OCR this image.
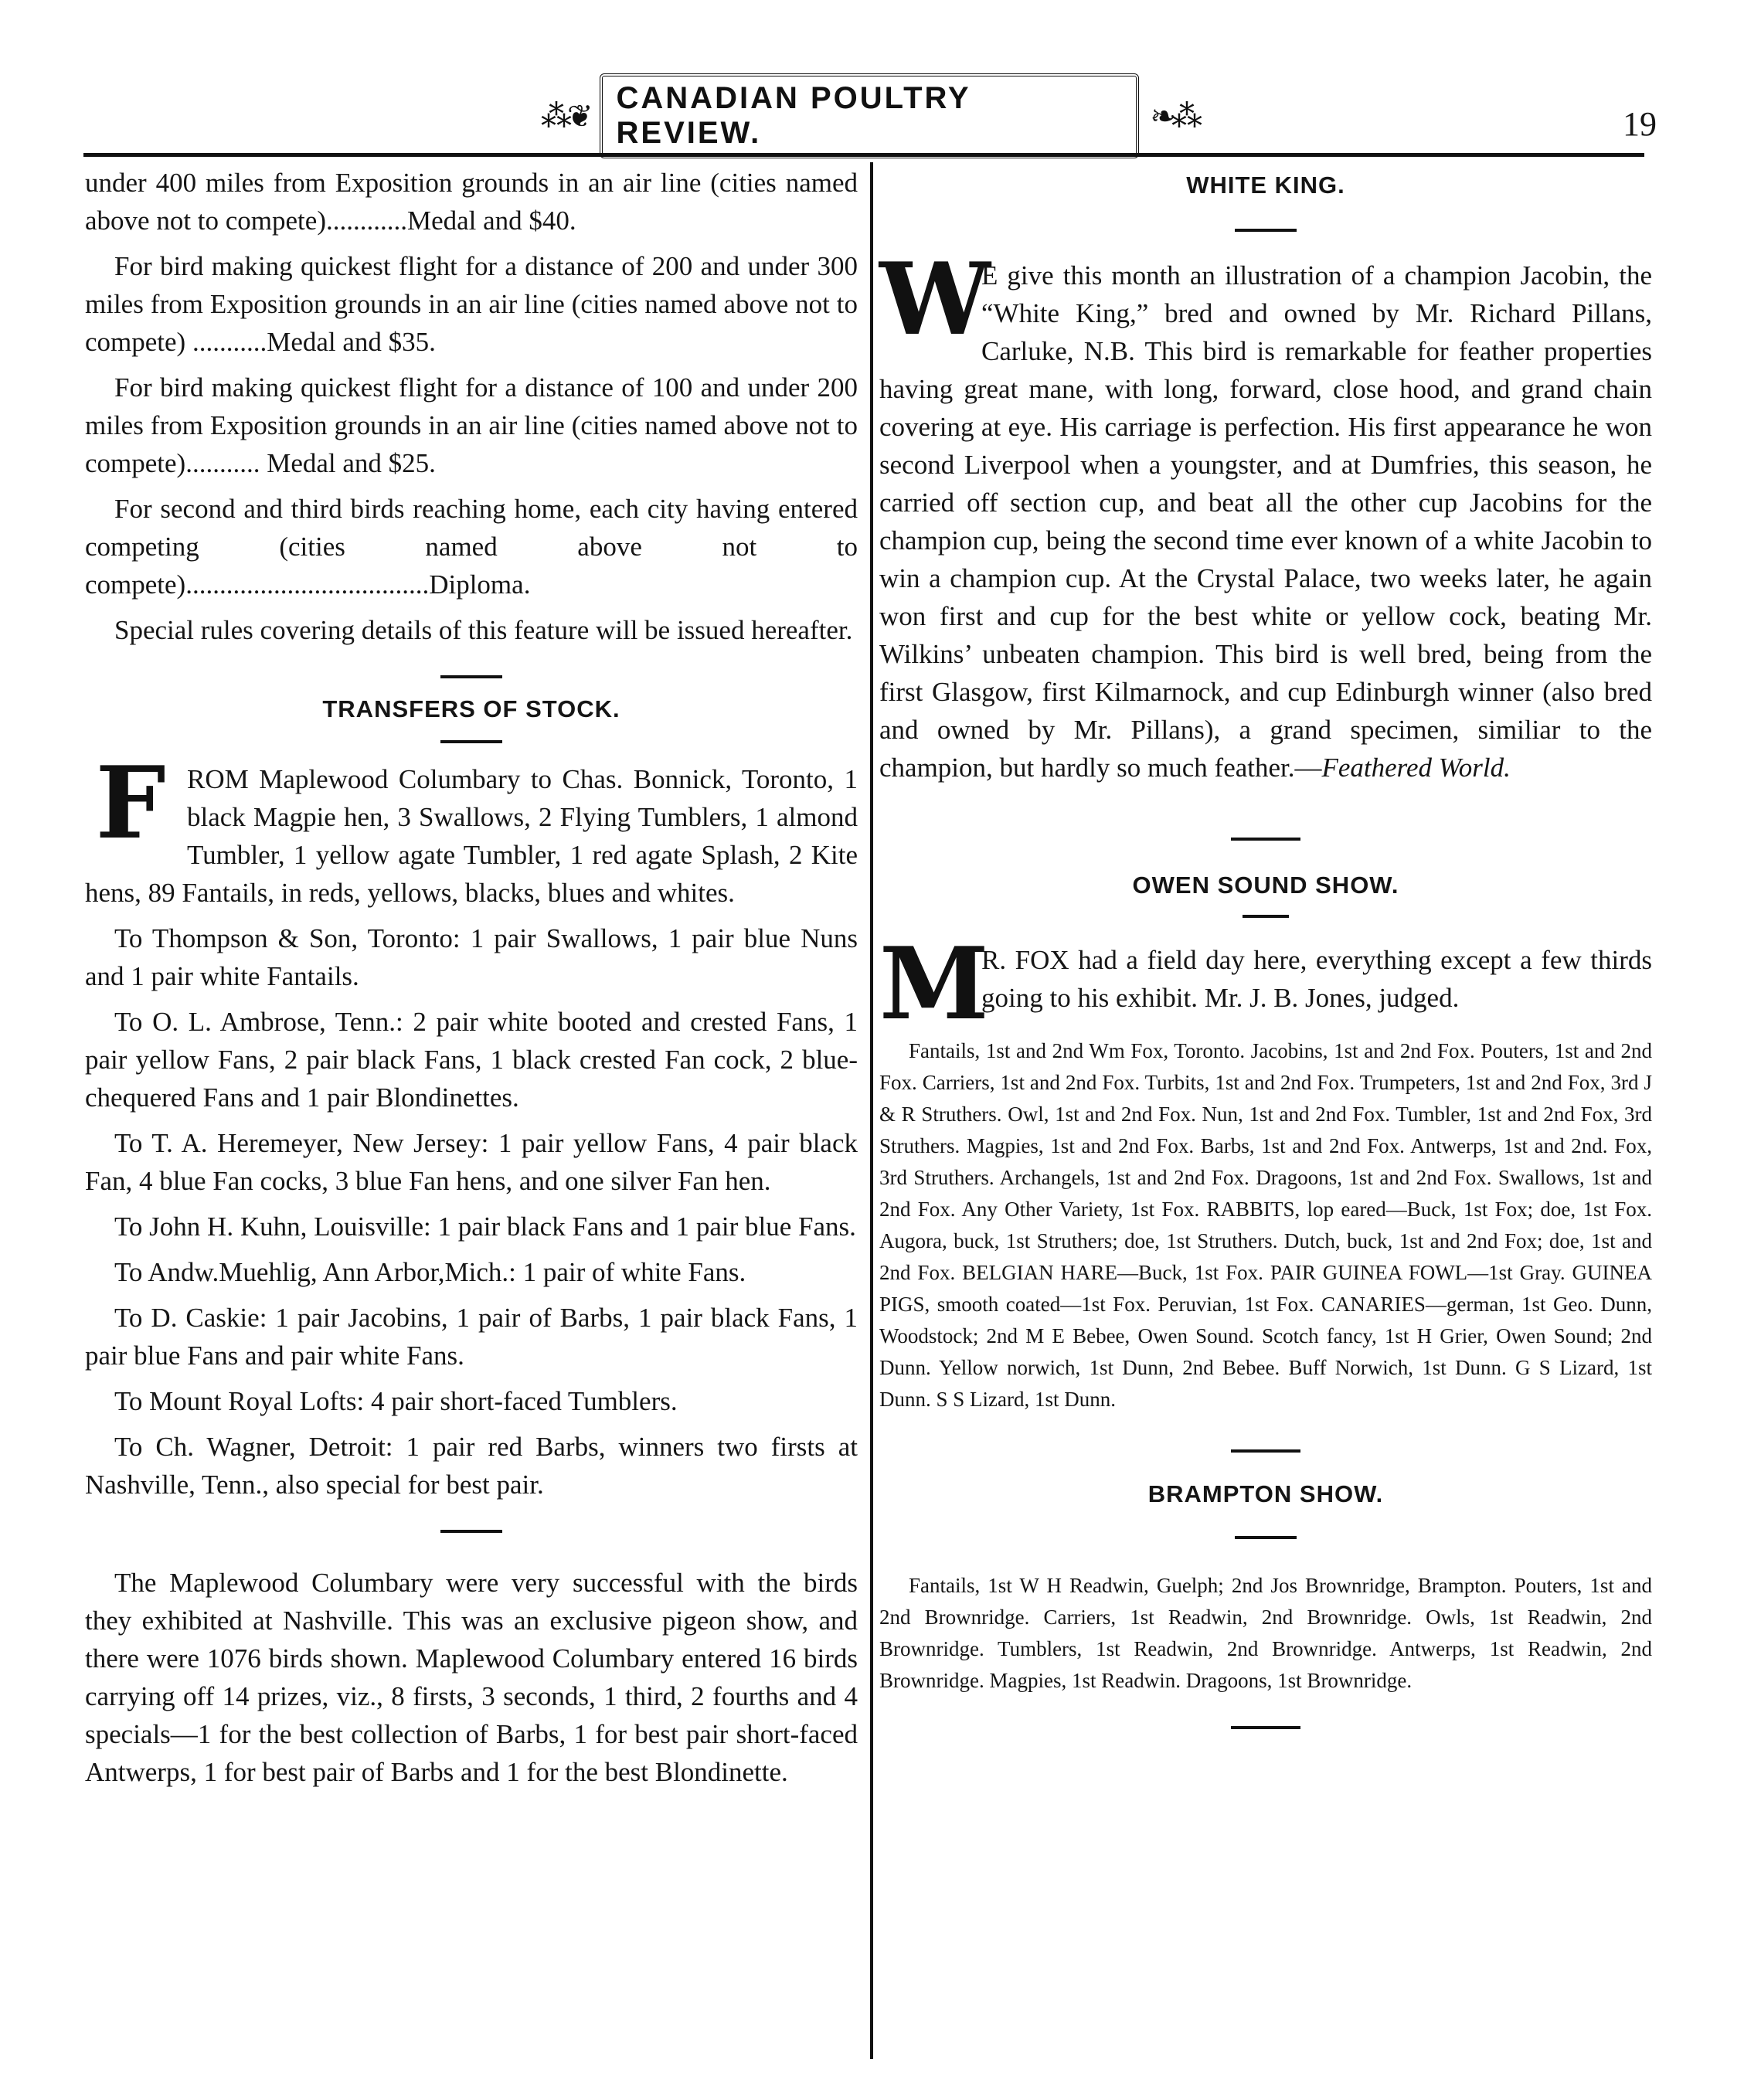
⁂❦
CANADIAN POULTRY REVIEW.	❧⁂	19

under 400 miles from Exposition grounds in an air line (cities named above not to compete)............Medal and $40.

For bird making quickest flight for a distance of 200 and under 300 miles from Exposition grounds in an air line (cities named above not to compete) ...........Medal and $35.

For bird making quickest flight for a distance of 100 and under 200 miles from Exposition grounds in an air line (cities named above not to compete)........... Medal and $25.

For second and third birds reaching home, each city having entered competing (cities named above not to compete)....................................Diploma.

Special rules covering details of this feature will be issued hereafter.

TRANSFERS OF STOCK.
F ROM Maplewood Columbary to Chas. Bonnick, Toronto, 1 black Magpie hen, 3 Swallows, 2 Flying Tumblers, 1 almond Tumbler, 1 yellow agate Tumbler, 1 red agate Splash, 2 Kite hens, 89 Fantails, in reds, yellows, blacks, blues and whites.

To Thompson & Son, Toronto: 1 pair Swallows, 1 pair blue Nuns and 1 pair white Fantails.

To O. L. Ambrose, Tenn.: 2 pair white booted and crested Fans, 1 pair yellow Fans, 2 pair black Fans, 1 black crested Fan cock, 2 blue-chequered Fans and 1 pair Blondinettes.

To T. A. Heremeyer, New Jersey: 1 pair yellow Fans, 4 pair black Fan, 4 blue Fan cocks, 3 blue Fan hens, and one silver Fan hen.

To John H. Kuhn, Louisville: 1 pair black Fans and 1 pair blue Fans.

To Andw.Muehlig, Ann Arbor,Mich.: 1 pair of white Fans.

To D. Caskie: 1 pair Jacobins, 1 pair of Barbs, 1 pair black Fans, 1 pair blue Fans and pair white Fans.

To Mount Royal Lofts: 4 pair short-faced Tumblers.

To Ch. Wagner, Detroit: 1 pair red Barbs, winners two firsts at Nashville, Tenn., also special for best pair.

The Maplewood Columbary were very successful with the birds they exhibited at Nashville. This was an exclusive pigeon show, and there were 1076 birds shown. Maplewood Columbary entered 16 birds carrying off 14 prizes, viz., 8 firsts, 3 seconds, 1 third, 2 fourths and 4 specials—1 for the best collection of Barbs, 1 for best pair short-faced Antwerps, 1 for best pair of Barbs and 1 for the best Blondinette.

WHITE KING.
W

E give this month an illustration of a champion Jacobin, the “White King,” bred and owned by Mr. Richard Pillans, Carluke, N.B. This bird is remarkable for feather properties having great mane, with long, forward, close hood, and grand chain covering at eye. His carriage is perfection. His first appearance he won second Liverpool when a youngster, and at Dumfries, this season, he carried off section cup, and beat all the other cup Jacobins for the champion cup, being the second time ever known of a white Jacobin to win a champion cup. At the Crystal Palace, two weeks later, he again won first and cup for the best white or yellow cock, beating Mr. Wilkins’ unbeaten champion. This bird is well bred, being from the first Glasgow, first Kilmarnock, and cup Edinburgh winner (also bred and owned by Mr. Pillans), a grand specimen, similiar to the champion, but hardly so much feather.—Feathered World.

OWEN SOUND SHOW.
M

R. FOX had a field day here, everything except a few thirds going to his exhibit. Mr. J. B. Jones, judged.

Fantails, 1st and 2nd Wm Fox, Toronto. Jacobins, 1st and 2nd Fox. Pouters, 1st and 2nd Fox. Carriers, 1st and 2nd Fox. Turbits, 1st and 2nd Fox. Trumpeters, 1st and 2nd Fox, 3rd J & R Struthers. Owl, 1st and 2nd Fox. Nun, 1st and 2nd Fox. Tumbler, 1st and 2nd Fox, 3rd Struthers. Magpies, 1st and 2nd Fox. Barbs, 1st and 2nd Fox. Antwerps, 1st and 2nd. Fox, 3rd Struthers. Archangels, 1st and 2nd Fox. Dragoons, 1st and 2nd Fox. Swallows, 1st and 2nd Fox. Any Other Variety, 1st Fox. RABBITS, lop eared—Buck, 1st Fox; doe, 1st Fox. Augora, buck, 1st Struthers; doe, 1st Struthers. Dutch, buck, 1st and 2nd Fox; doe, 1st and 2nd Fox. BELGIAN HARE—Buck, 1st Fox. PAIR GUINEA FOWL—1st Gray. GUINEA PIGS, smooth coated—1st Fox. Peruvian, 1st Fox. CANARIES—german, 1st Geo. Dunn, Woodstock; 2nd M E Bebee, Owen Sound. Scotch fancy, 1st H Grier, Owen Sound; 2nd Dunn. Yellow norwich, 1st Dunn, 2nd Bebee. Buff Norwich, 1st Dunn. G S Lizard, 1st Dunn. S S Lizard, 1st Dunn.

BRAMPTON SHOW.

Fantails, 1st W H Readwin, Guelph; 2nd Jos Brownridge, Brampton. Pouters, 1st and 2nd Brownridge. Carriers, 1st Readwin, 2nd Brownridge. Owls, 1st Readwin, 2nd Brownridge. Tumblers, 1st Readwin, 2nd Brownridge. Antwerps, 1st Readwin, 2nd Brownridge. Magpies, 1st Readwin. Dragoons, 1st Brownridge.
